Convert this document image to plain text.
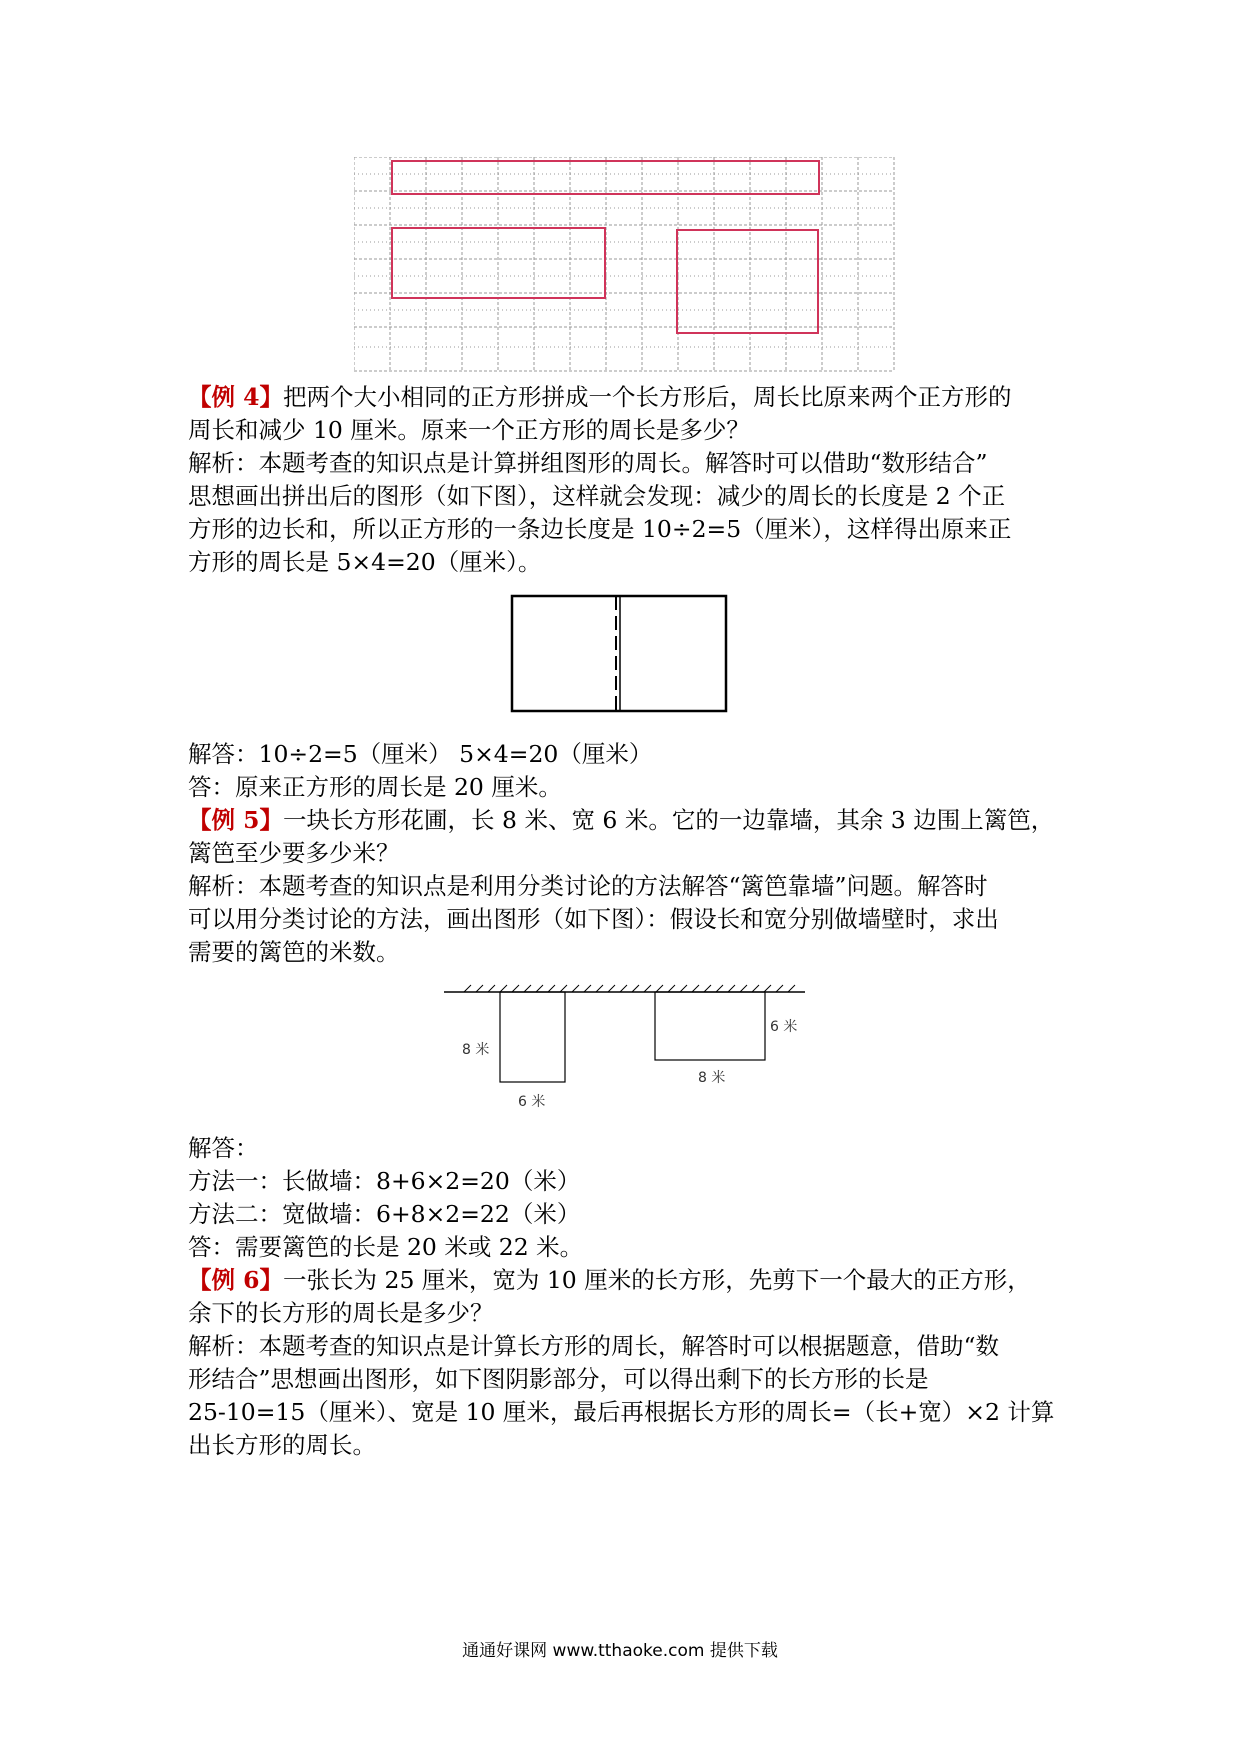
【例 4】把两个大小相同的正方形拼成一个长方形后，周长比原来两个正方形的
周长和减少 10 厘米。原来一个正方形的周长是多少？
解析：本题考查的知识点是计算拼组图形的周长。解答时可以借助“数形结合”
思想画出拼出后的图形（如下图），这样就会发现：减少的周长的长度是 2 个正
方形的边长和，所以正方形的一条边长度是 10÷2=5（厘米），这样得出原来正
方形的周长是 5×4=20（厘米）。

解答：10÷2=5（厘米） 5×4=20（厘米）
答：原来正方形的周长是 20 厘米。
【例 5】一块长方形花圃，长 8 米、宽 6 米。它的一边靠墙，其余 3 边围上篱笆，
篱笆至少要多少米？
解析：本题考查的知识点是利用分类讨论的方法解答“篱笆靠墙”问题。解答时
可以用分类讨论的方法，画出图形（如下图）：假设长和宽分别做墙壁时，求出
需要的篱笆的米数。

8 米
6 米
6 米
8 米

解答：
方法一：长做墙：8+6×2=20（米）
方法二：宽做墙：6+8×2=22（米）
答：需要篱笆的长是 20 米或 22 米。
【例 6】一张长为 25 厘米，宽为 10 厘米的长方形，先剪下一个最大的正方形，
余下的长方形的周长是多少？
解析：本题考查的知识点是计算长方形的周长，解答时可以根据题意，借助“数
形结合”思想画出图形，如下图阴影部分，可以得出剩下的长方形的长是
25-10=15（厘米）、宽是 10 厘米，最后再根据长方形的周长=（长+宽）×2 计算
出长方形的周长。

通通好课网 www.tthaoke.com 提供下载
